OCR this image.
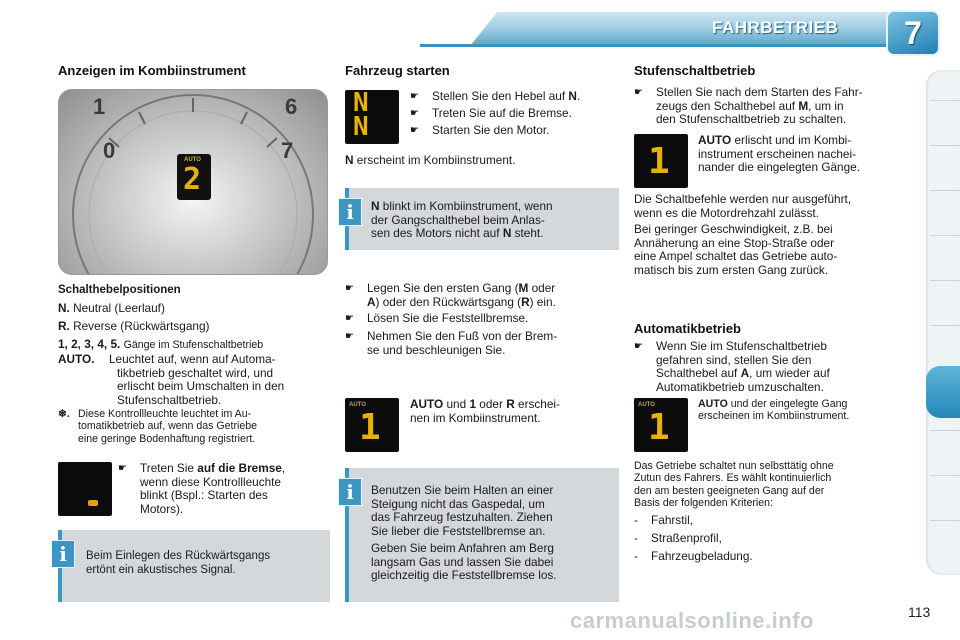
FAHRBETRIEB	7
Anzeigen im Kombiinstrument
1	6
0	7
AUTO
2
Schalthebelpositionen
N. Neutral (Leerlauf)
R. Reverse (Rückwärtsgang)
1, 2, 3, 4, 5. Gänge im Stufenschaltbetrieb
AUTO. Leuchtet auf, wenn auf Automa-
tikbetrieb geschaltet wird, und
erlischt beim Umschalten in den
Stufenschaltbetrieb.
❄. Diese Kontrollleuchte leuchtet im Au-
tomatikbetrieb auf, wenn das Getriebe
eine geringe Bodenhaftung registriert.
☛ Treten Sie auf die Bremse,
wenn diese Kontrollleuchte
blinkt (Bspl.: Starten des
Motors).
Beim Einlegen des Rückwärtsgangs
ertönt ein akustisches Signal.
i
Fahrzeug starten
N
N
☛ Stellen Sie den Hebel auf N.
☛ Treten Sie auf die Bremse.
☛ Starten Sie den Motor.
N erscheint im Kombiinstrument.
N blinkt im Kombiinstrument, wenn
der Gangschalthebel beim Anlas-
sen des Motors nicht auf N steht.
i
☛ Legen Sie den ersten Gang (M oder
A) oder den Rückwärtsgang (R) ein.
☛ Lösen Sie die Feststellbremse.
☛ Nehmen Sie den Fuß von der Brem-
se und beschleunigen Sie.
AUTO
1
AUTO und 1 oder R erschei-
nen im Kombiinstrument.
Benutzen Sie beim Halten an einer
Steigung nicht das Gaspedal, um
das Fahrzeug festzuhalten. Ziehen
Sie lieber die Feststellbremse an.
Geben Sie beim Anfahren am Berg
langsam Gas und lassen Sie dabei
gleichzeitig die Feststellbremse los.
i
Stufenschaltbetrieb
☛ Stellen Sie nach dem Starten des Fahr-
zeugs den Schalthebel auf M, um in
den Stufenschaltbetrieb zu schalten.
1
AUTO erlischt und im Kombi-
instrument erscheinen nachei-
nander die eingelegten Gänge.
Die Schaltbefehle werden nur ausgeführt,
wenn es die Motordrehzahl zulässt.
Bei geringer Geschwindigkeit, z.B. bei
Annäherung an eine Stop-Straße oder
eine Ampel schaltet das Getriebe auto-
matisch bis zum ersten Gang zurück.
Automatikbetrieb
☛ Wenn Sie im Stufenschaltbetrieb
gefahren sind, stellen Sie den
Schalthebel auf A, um wieder auf
Automatikbetrieb umzuschalten.
AUTO
1
AUTO und der eingelegte Gang
erscheinen im Kombiinstrument.
Das Getriebe schaltet nun selbsttätig ohne
Zutun des Fahrers. Es wählt kontinuierlich
den am besten geeigneten Gang auf der
Basis der folgenden Kriterien:
-    Fahrstil,
-    Straßenprofil,
-    Fahrzeugbeladung.
carmanualsonline.info	113
